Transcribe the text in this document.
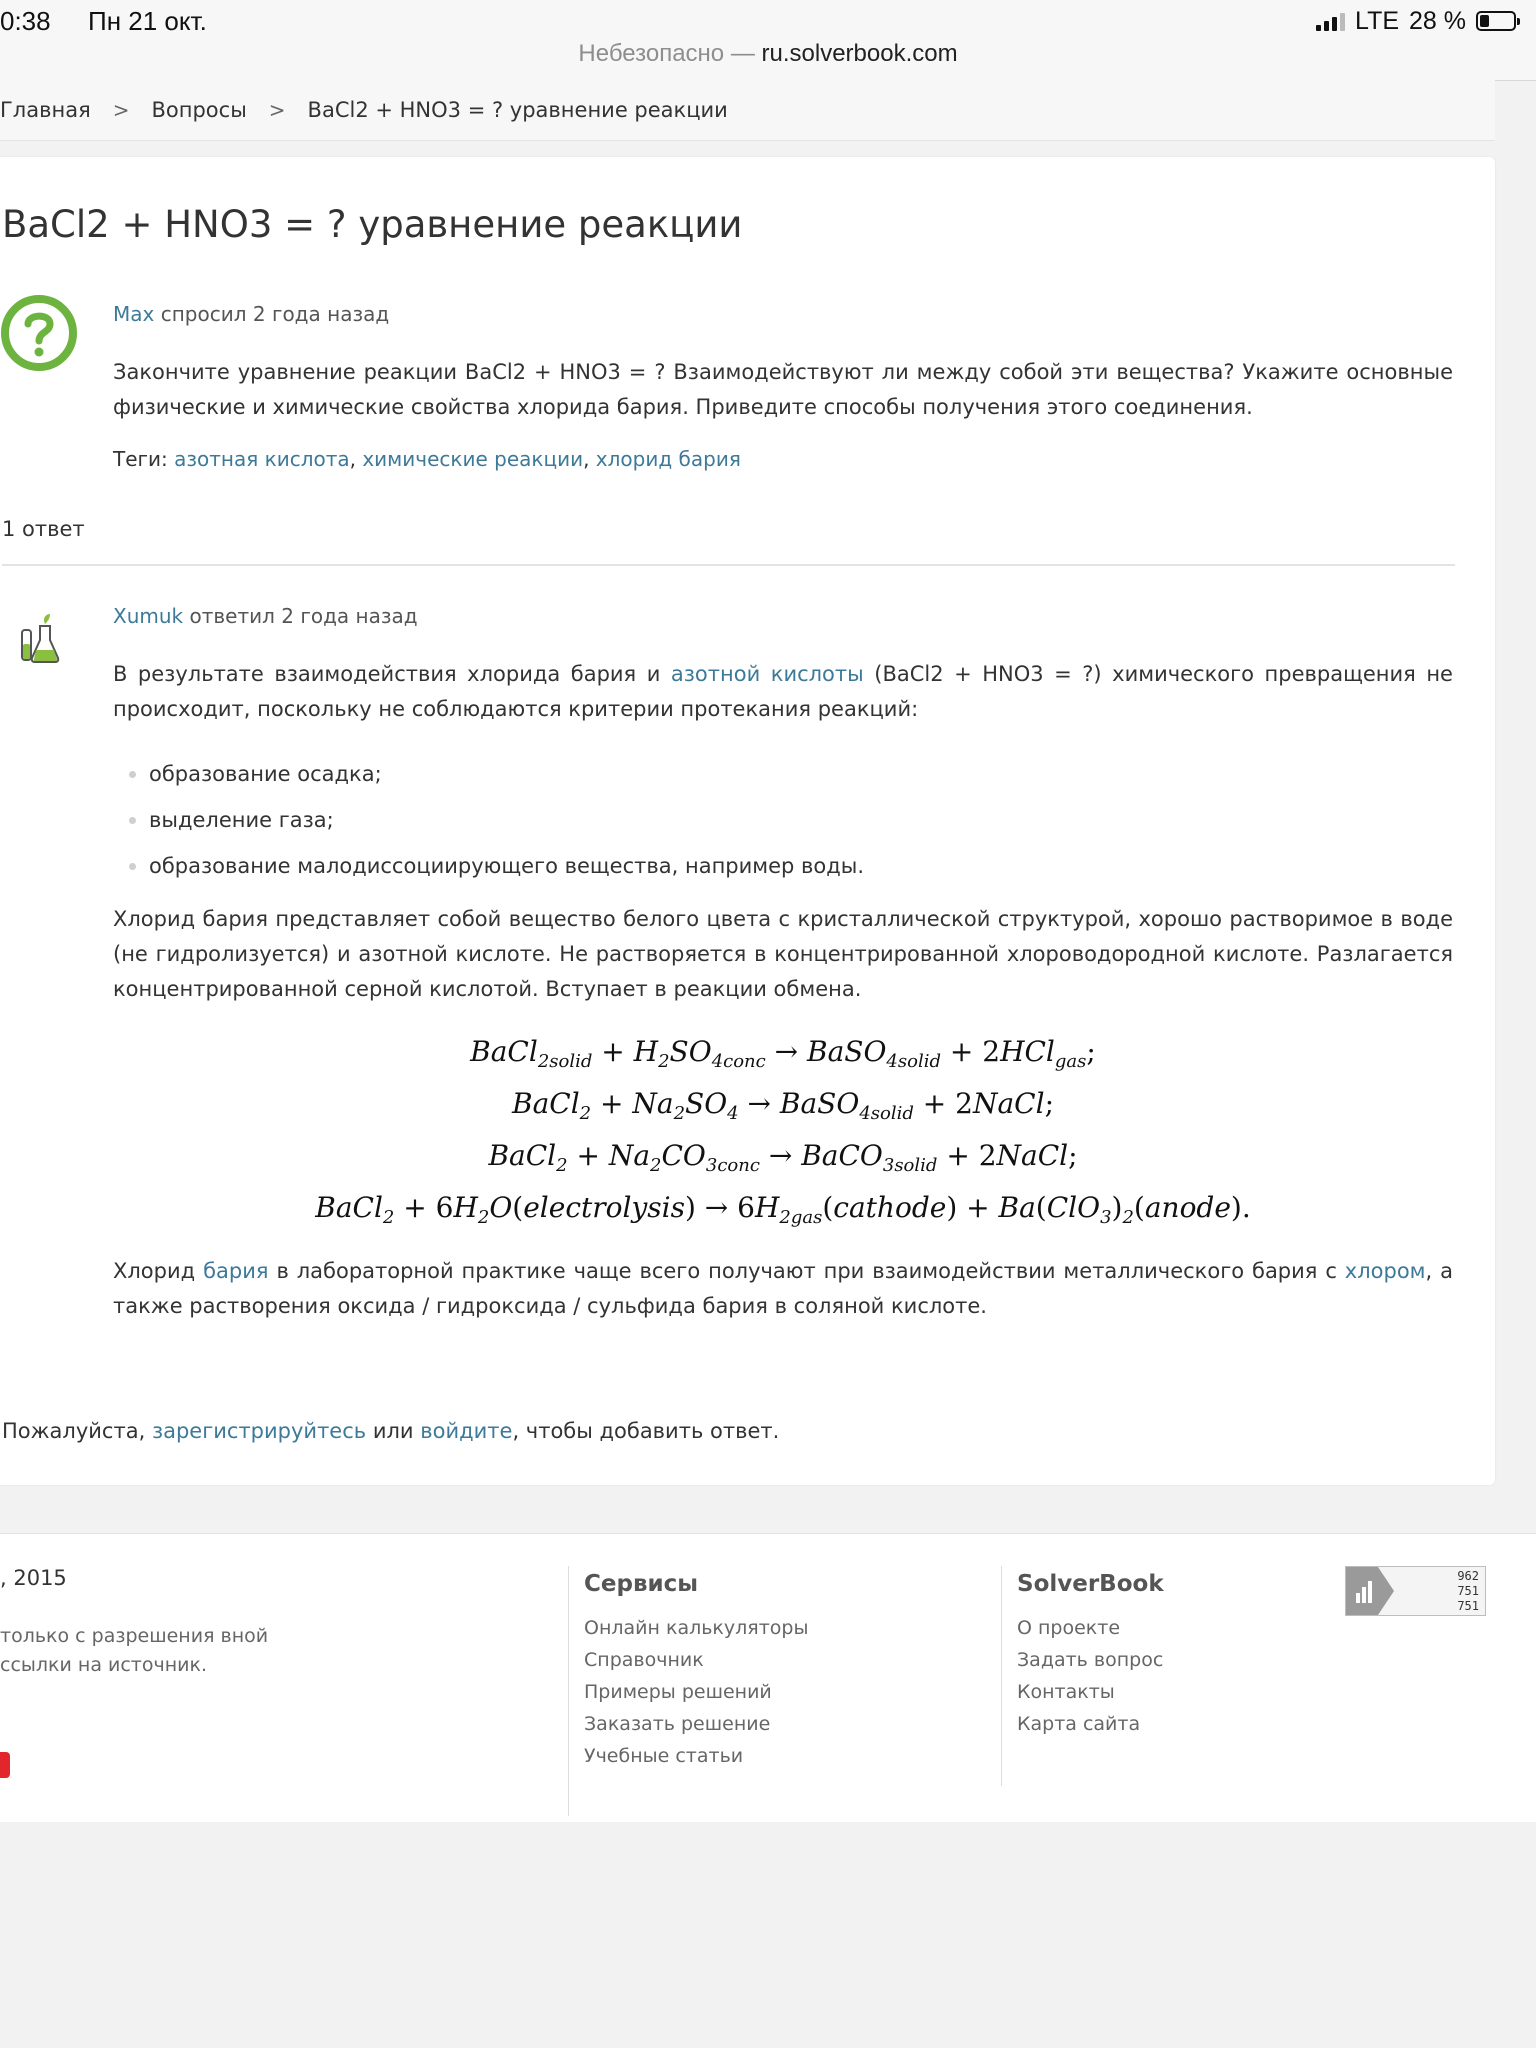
0:38 Пн 21 окт.
Небезопасно — ru.solverbook.com
LTE 28 %
Главная > Вопросы > BaCl2 + HNO3 = ? уравнение реакции
BaCl2 + HNO3 = ? уравнение реакции
Max спросил 2 года назад

Закончите уравнение реакции BaCl2 + HNO3 = ? Взаимодействуют ли между собой эти вещества? Укажите основные физические и химические свойства хлорида бария. Приведите способы получения этого соединения.

Теги: азотная кислота, химические реакции, хлорид бария
1 ответ
Xumuk ответил 2 года назад

В результате взаимодействия хлорида бария и азотной кислоты (BaCl2 + HNO3 = ?) химического превращения не происходит, поскольку не соблюдаются критерии протекания реакций:

образование осадка;
выделение газа;
образование малодиссоциирующего вещества, например воды.

Хлорид бария представляет собой вещество белого цвета с кристаллической структурой, хорошо растворимое в воде (не гидролизуется) и азотной кислоте. Не растворяется в концентрированной хлороводородной кислоте. Разлагается концентрированной серной кислотой. Вступает в реакции обмена.

BaCl$_{2solid}$ + $H_2SO_{4conc}$ → BaSO$_{4solid}$ + 2HCl$_{gas}$;
BaCl$_2$ + $Na_2SO_4$ → BaSO$_{4solid}$ + 2NaCl;
BaCl$_2$ + $Na_2CO_{3conc}$ → BaCO$_{3solid}$ + 2NaCl;
BaCl$_2$ + $6H_2O(electrolysis)$ → $6H_{2gas}(cathode)$ + $Ba(ClO_3)_2(anode)$.

Хлорид бария в лабораторной практике чаще всего получают при взаимодействии металлического бария с хлором, а также растворения оксида / гидроксида / сульфида бария в соляной кислоте.

Пожалуйста, зарегистрируйтесь или войдите, чтобы добавить ответ.
, 2015
только с разрешения вной ссылки на источник.
Сервисы
Онлайн калькуляторы
Справочник
Примеры решений
Заказать решение
Учебные статьи
SolverBook
О проекте
Задать вопрос
Контакты
Карта сайта
962
751
751
